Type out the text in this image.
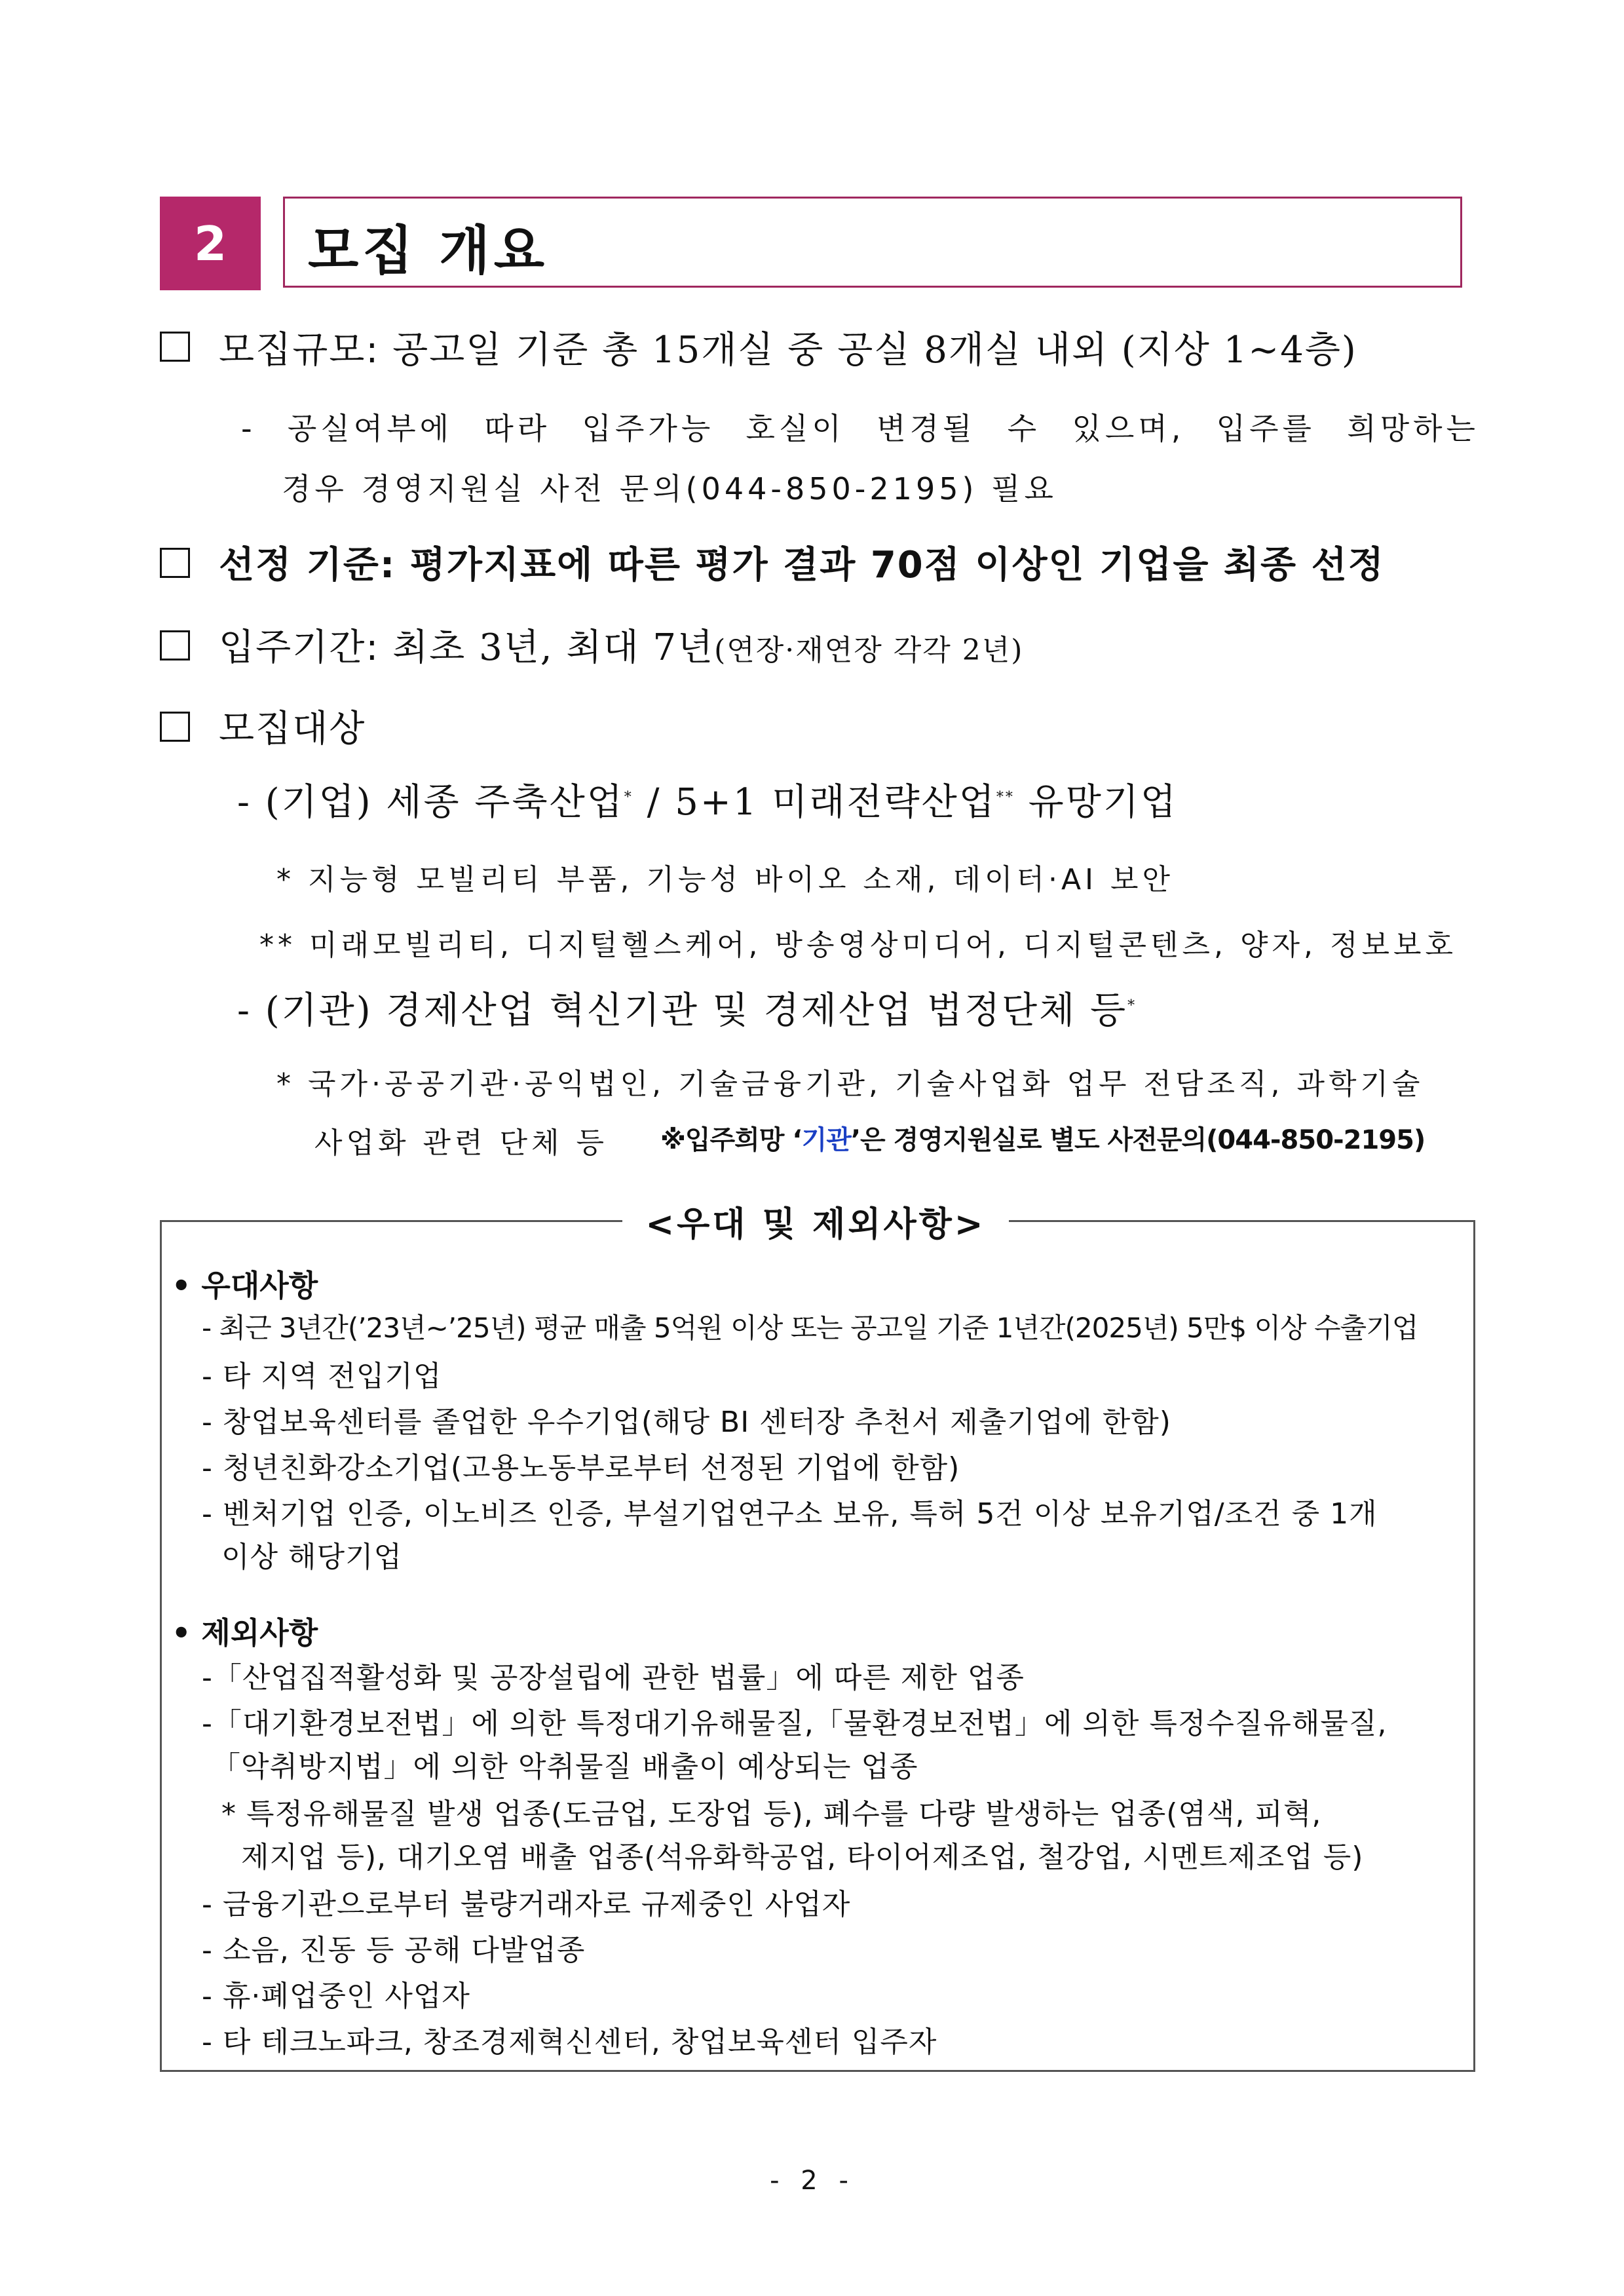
2	모집 개요
모집규모: 공고일 기준 총 15개실 중 공실 8개실 내외 (지상 1~4층)
- 공실여부에 따라 입주가능 호실이 변경될 수 있으며, 입주를 희망하는
경우 경영지원실 사전 문의(044-850-2195) 필요
선정 기준: 평가지표에 따른 평가 결과 70점 이상인 기업을 최종 선정
입주기간: 최초 3년, 최대 7년(연장·재연장 각각 2년)
모집대상
- (기업) 세종 주축산업* / 5+1 미래전략산업** 유망기업
* 지능형 모빌리티 부품, 기능성 바이오 소재, 데이터·AI 보안
** 미래모빌리티, 디지털헬스케어, 방송영상미디어, 디지털콘텐츠, 양자, 정보보호
- (기관) 경제산업 혁신기관 및 경제산업 법정단체 등*
* 국가·공공기관·공익법인, 기술금융기관, 기술사업화 업무 전담조직, 과학기술
사업화 관련 단체 등 ※입주희망 ‘기관’은 경영지원실로 별도 사전문의(044-850-2195)
<우대 및 제외사항>
• 우대사항
- 최근 3년간(’23년~’25년) 평균 매출 5억원 이상 또는 공고일 기준 1년간(2025년) 5만$ 이상 수출기업
- 타 지역 전입기업
- 창업보육센터를 졸업한 우수기업(해당 BI 센터장 추천서 제출기업에 한함)
- 청년친화강소기업(고용노동부로부터 선정된 기업에 한함)
- 벤처기업 인증, 이노비즈 인증, 부설기업연구소 보유, 특허 5건 이상 보유기업/조건 중 1개
이상 해당기업
• 제외사항
-「산업집적활성화 및 공장설립에 관한 법률」에 따른 제한 업종
-「대기환경보전법」에 의한 특정대기유해물질,「물환경보전법」에 의한 특정수질유해물질,
「악취방지법」에 의한 악취물질 배출이 예상되는 업종
* 특정유해물질 발생 업종(도금업, 도장업 등), 폐수를 다량 발생하는 업종(염색, 피혁,
제지업 등), 대기오염 배출 업종(석유화학공업, 타이어제조업, 철강업, 시멘트제조업 등)
- 금융기관으로부터 불량거래자로 규제중인 사업자
- 소음, 진동 등 공해 다발업종
- 휴·폐업중인 사업자
- 타 테크노파크, 창조경제혁신센터, 창업보육센터 입주자
- 2 -
